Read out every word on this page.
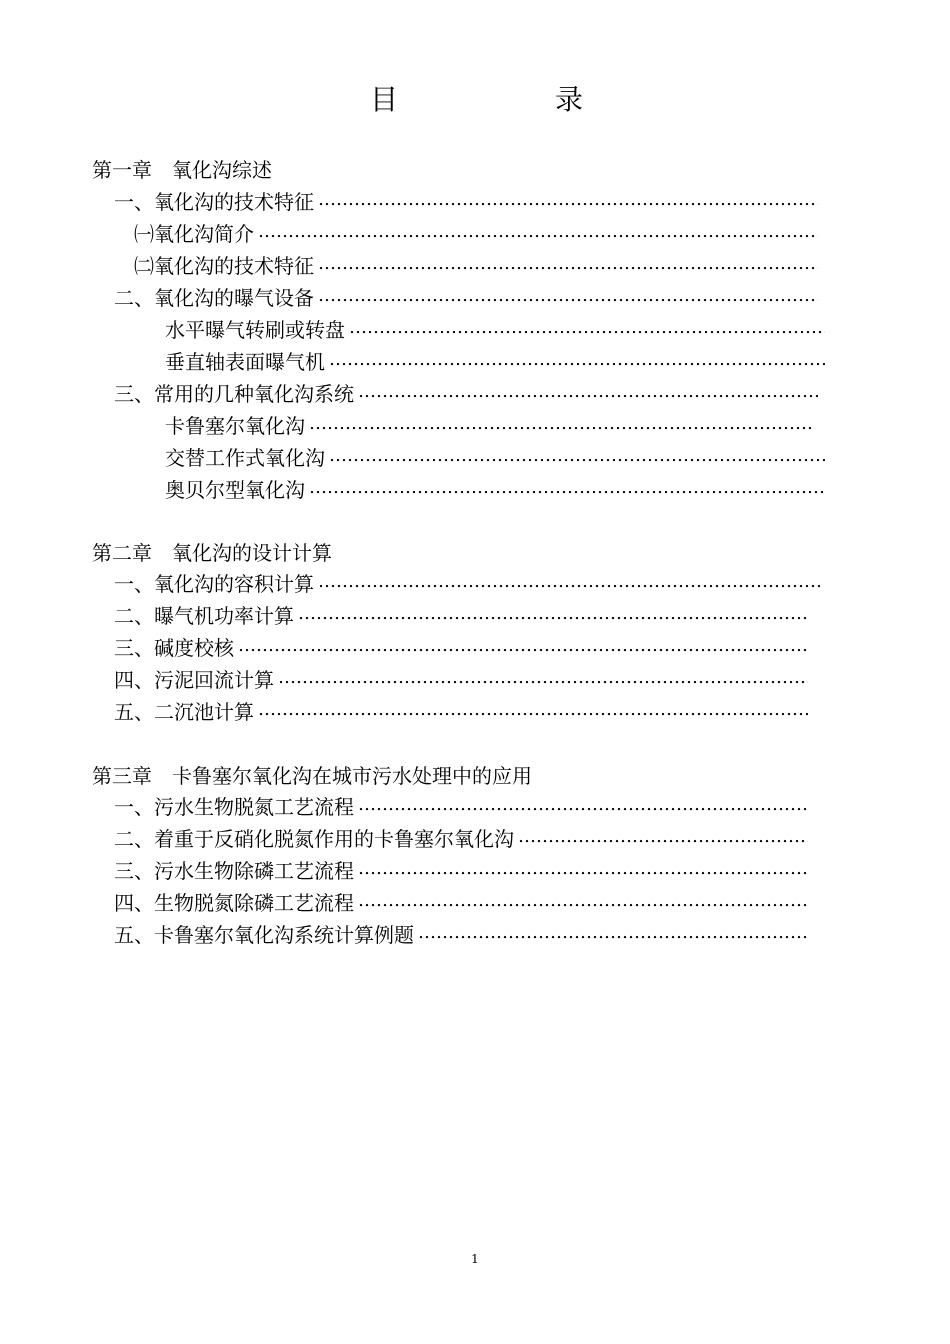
目	录
第一章　氧化沟综述
一、氧化沟的技术特征
…………………………………………………………………………………………………………………………………………………………………
㈠氧化沟简介
…………………………………………………………………………………………………………………………………………………………………
㈡氧化沟的技术特征
…………………………………………………………………………………………………………………………………………………………………
二、氧化沟的曝气设备
…………………………………………………………………………………………………………………………………………………………………
水平曝气转刷或转盘
…………………………………………………………………………………………………………………………………………………………………
垂直轴表面曝气机
…………………………………………………………………………………………………………………………………………………………………
三、常用的几种氧化沟系统
…………………………………………………………………………………………………………………………………………………………………
卡鲁塞尔氧化沟
…………………………………………………………………………………………………………………………………………………………………
交替工作式氧化沟
…………………………………………………………………………………………………………………………………………………………………
奥贝尔型氧化沟
…………………………………………………………………………………………………………………………………………………………………
第二章　氧化沟的设计计算
一、 氧化沟的容积计算
…………………………………………………………………………………………………………………………………………………………………
二、 曝气机功率计算
…………………………………………………………………………………………………………………………………………………………………
三、 碱度校核
…………………………………………………………………………………………………………………………………………………………………
四、 污泥回流计算
…………………………………………………………………………………………………………………………………………………………………
五、 二沉池计算
…………………………………………………………………………………………………………………………………………………………………
第三章　卡鲁塞尔氧化沟在城市污水处理中的应用
一、 污水生物脱氮工艺流程
…………………………………………………………………………………………………………………………………………………………………
二、 着重于反硝化脱氮作用的卡鲁塞尔氧化沟
…………………………………………………………………………………………………………………………………………………………………
三、 污水生物除磷工艺流程
…………………………………………………………………………………………………………………………………………………………………
四、 生物脱氮除磷工艺流程
…………………………………………………………………………………………………………………………………………………………………
五、 卡鲁塞尔氧化沟系统计算例题
…………………………………………………………………………………………………………………………………………………………………
1
